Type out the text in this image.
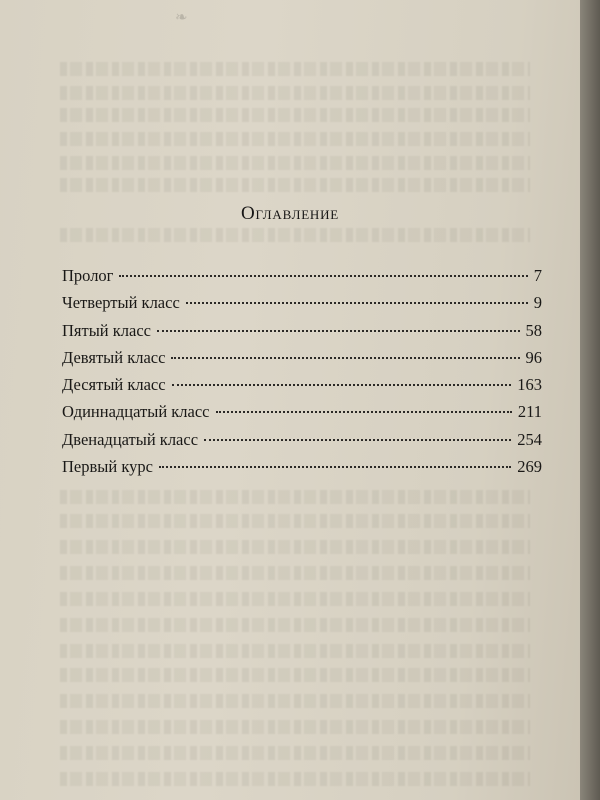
❧
Оглавление
Пролог	7
Четвертый класс	9
Пятый класс	58
Девятый класс	96
Десятый класс	163
Одиннадцатый класс	211
Двенадцатый класс	254
Первый курс	269
